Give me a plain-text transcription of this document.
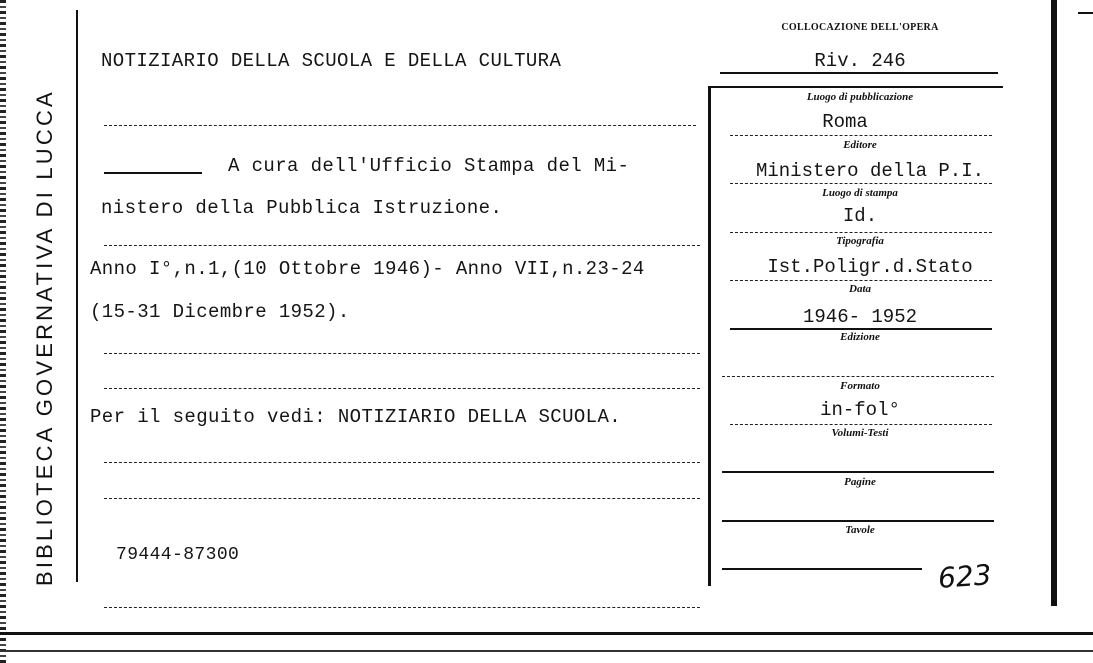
BIBLIOTECA GOVERNATIVA DI LUCCA
NOTIZIARIO DELLA SCUOLA E DELLA CULTURA
A cura dell'Ufficio Stampa del Mi-
nistero della Pubblica Istruzione.
Anno I°,n.1,(10 Ottobre 1946)- Anno VII,n.23-24
(15-31 Dicembre 1952).
Per il seguito vedi: NOTIZIARIO DELLA SCUOLA.
79444-87300
COLLOCAZIONE DELL'OPERA
Riv. 246
Luogo di pubblicazione
Roma
Editore
Ministero della P.I.
Luogo di stampa
Id.
Tipografia
Ist.Poligr.d.Stato
Data
1946- 1952
Edizione
Formato
in-fol°
Volumi-Testi
Pagine
Tavole
623
